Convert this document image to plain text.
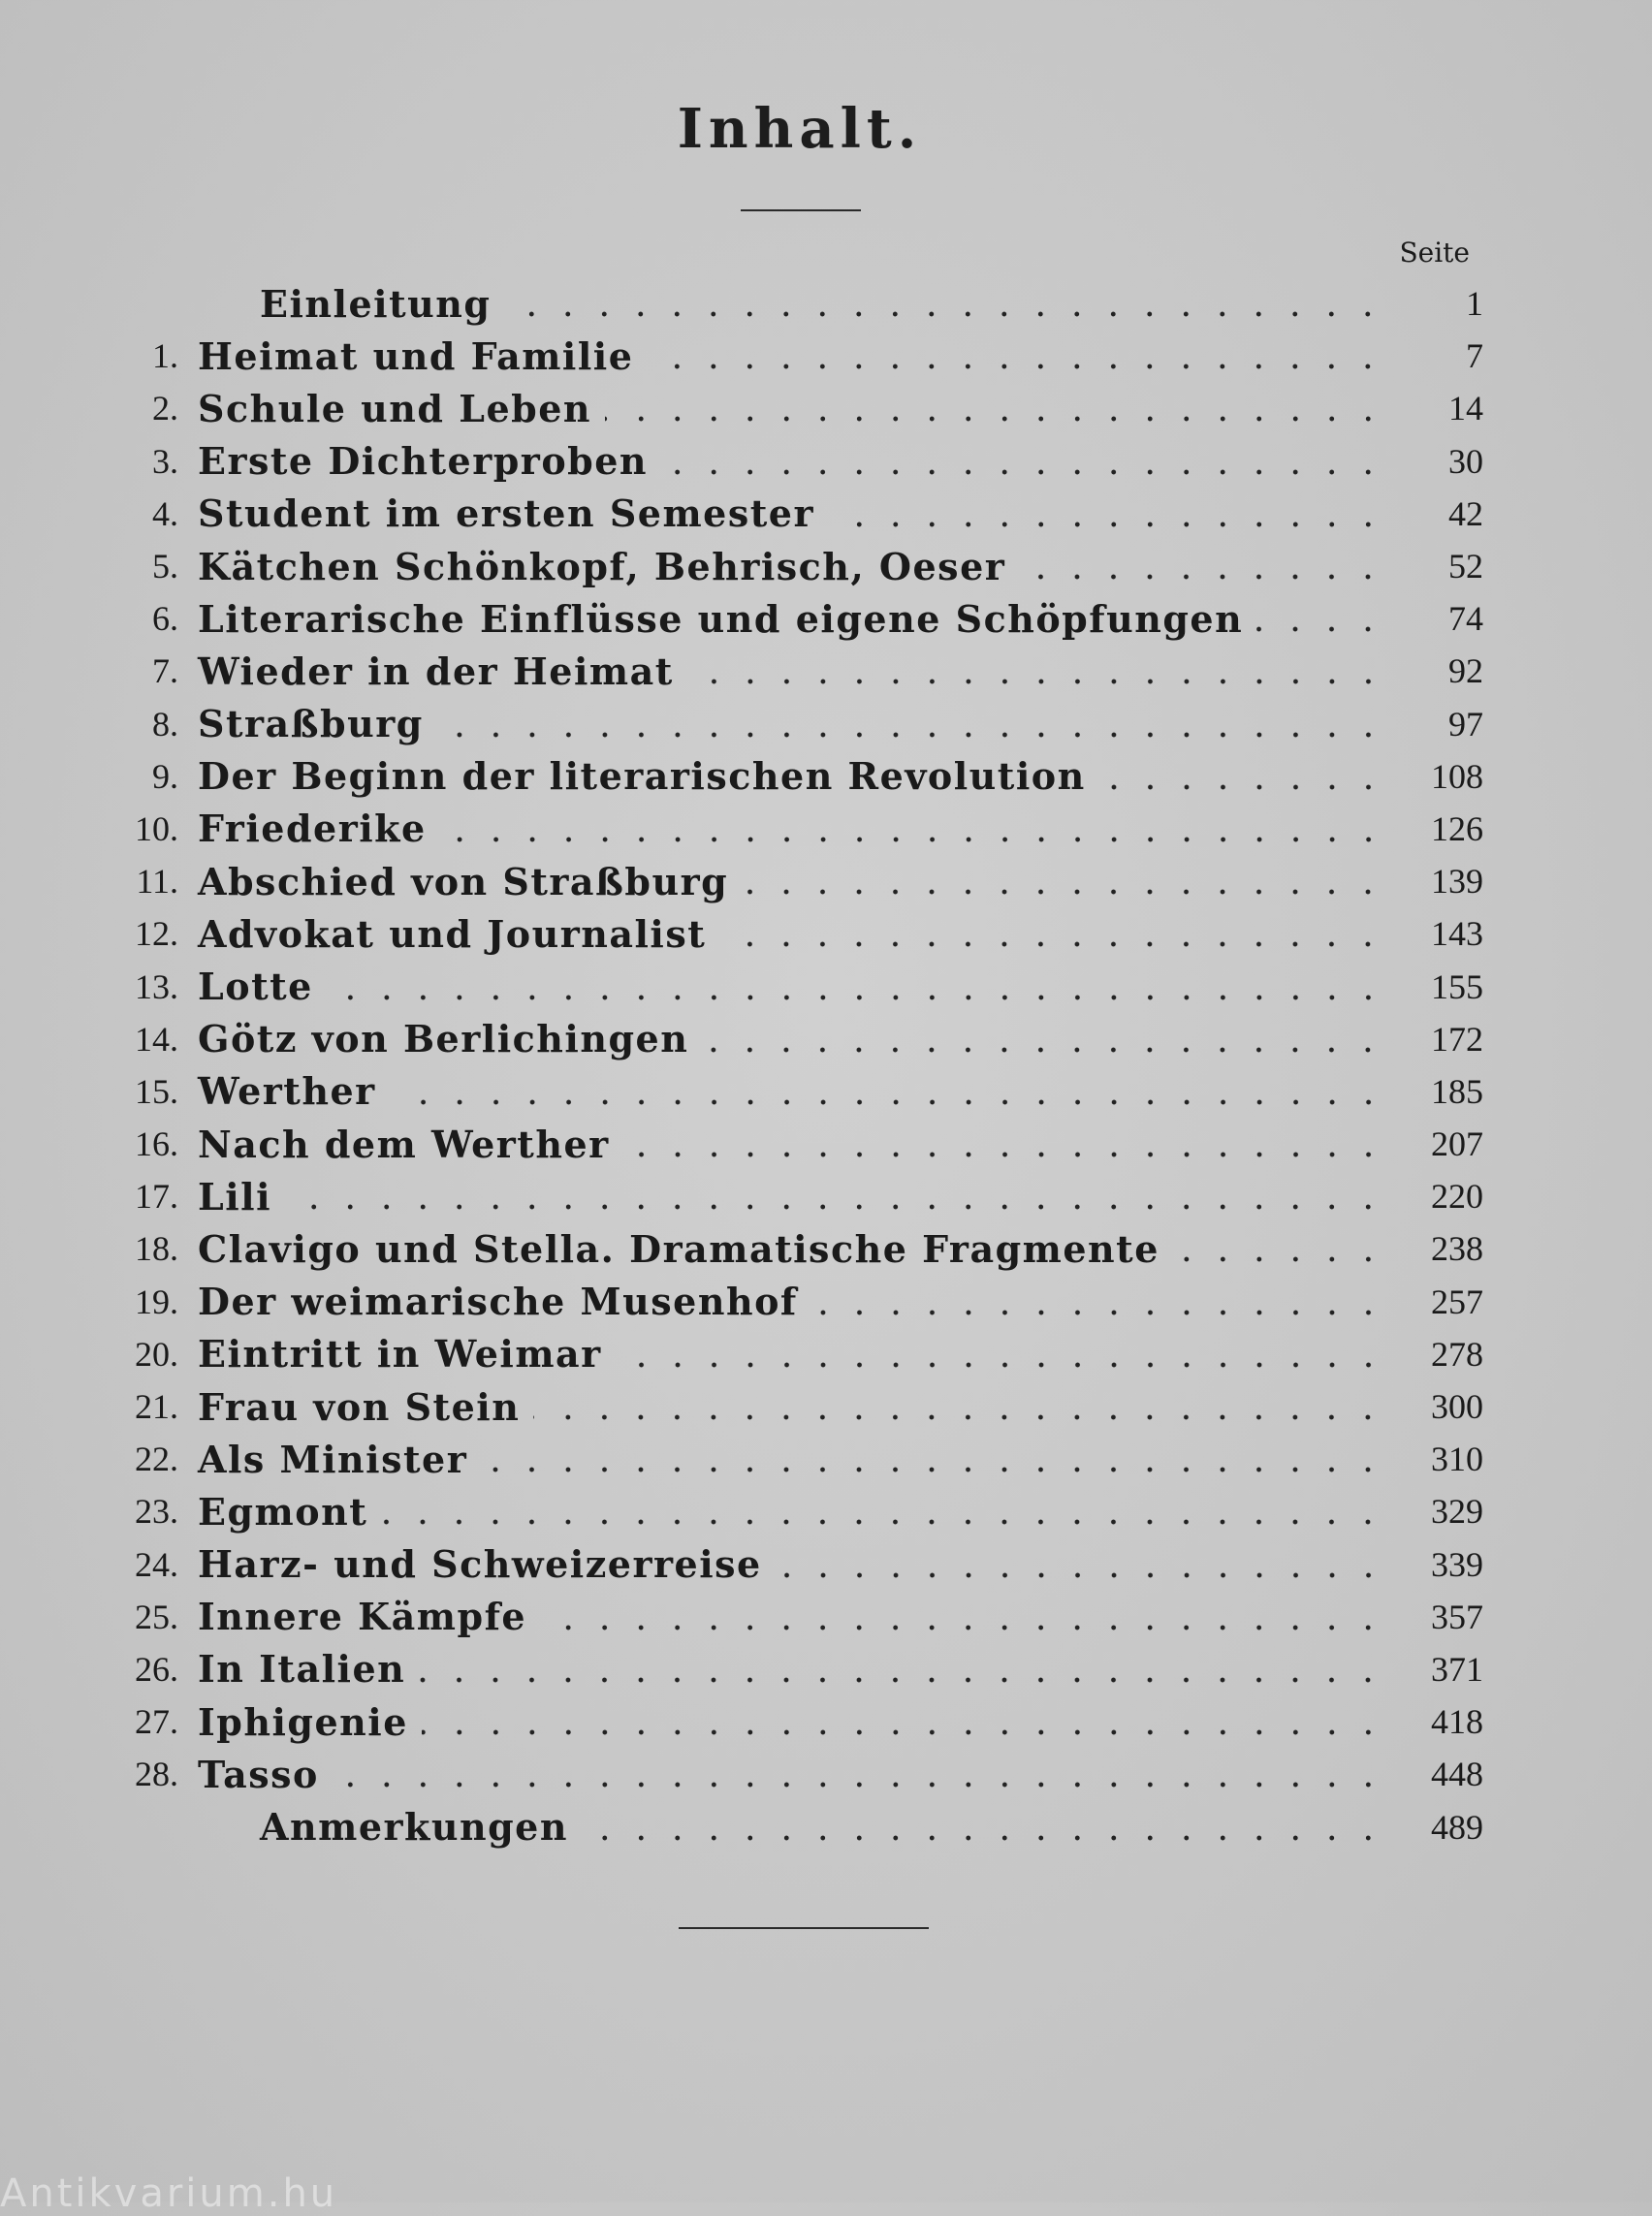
Inhalt.
Seite
Einleitung	1
1. Heimat und Familie	7
2. Schule und Leben	14
3. Erste Dichterproben	30
4. Student im ersten Semester	42
5. Kätchen Schönkopf, Behrisch, Oeser	52
6. Literarische Einflüsse und eigene Schöpfungen	74
7. Wieder in der Heimat	92
8. Straßburg	97
9. Der Beginn der literarischen Revolution	108
10. Friederike	126
11. Abschied von Straßburg	139
12. Advokat und Journalist	143
13. Lotte	155
14. Götz von Berlichingen	172
15. Werther	185
16. Nach dem Werther	207
17. Lili	220
18. Clavigo und Stella. Dramatische Fragmente	238
19. Der weimarische Musenhof	257
20. Eintritt in Weimar	278
21. Frau von Stein	300
22. Als Minister	310
23. Egmont	329
24. Harz- und Schweizerreise	339
25. Innere Kämpfe	357
26. In Italien	371
27. Iphigenie	418
28. Tasso	448
Anmerkungen	489
Antikvarium.hu
